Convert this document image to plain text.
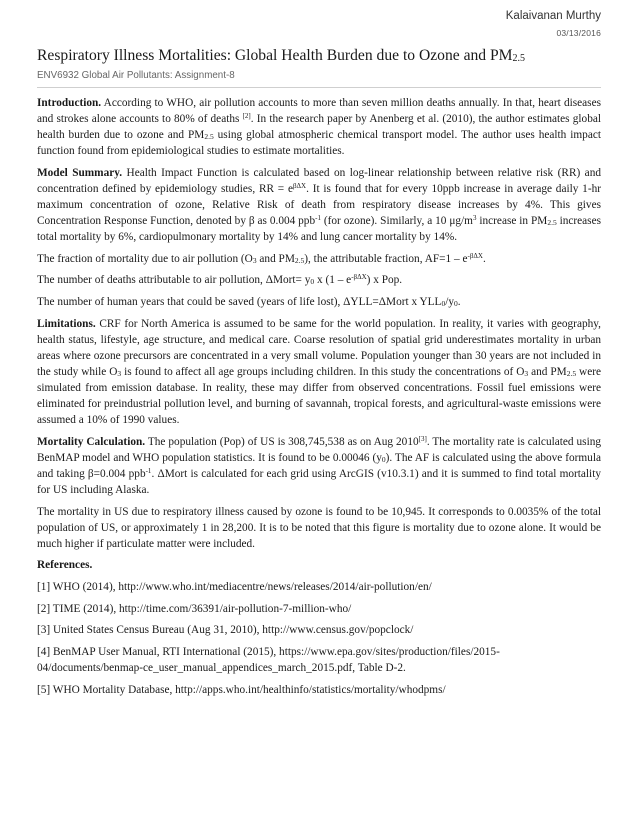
Kalaivanan Murthy
03/13/2016
Respiratory Illness Mortalities: Global Health Burden due to Ozone and $PM_{2.5}$
ENV6932 Global Air Pollutants: Assignment-8

Introduction. According to WHO, air pollution accounts to more than seven million deaths annually. In that, heart diseases and strokes alone accounts to 80% of deaths [2]. In the research paper by Anenberg et al. (2010), the author estimates global health burden due to ozone and $PM_{2.5}$ using global atmospheric chemical transport model. The author uses health impact function found from epidemiological studies to estimate mortalities.

Model Summary. Health Impact Function is calculated based on log-linear relationship between relative risk (RR) and concentration defined by epidemiology studies, RR = $e^{\beta\Delta X}$. It is found that for every 10ppb increase in average daily 1-hr maximum concentration of ozone, Relative Risk of death from respiratory disease increases by 4%. This gives Concentration Response Function, denoted by β as 0.004 ppb$^{-1}$ (for ozone). Similarly, a 10 $\mu g/m^3$ increase in $PM_{2.5}$ increases total mortality by 6%, cardiopulmonary mortality by 14% and lung cancer mortality by 14%.

The fraction of mortality due to air pollution ($O_3$ and $PM_{2.5}$), the attributable fraction, $AF=1 - e^{-\beta\Delta X}$.

The number of deaths attributable to air pollution, ΔMort= $y_0$ x $(1 - e^{-\beta\Delta X})$ x Pop.

The number of human years that could be saved (years of life lost), ΔYLL=ΔMort x $YLL_0/y_0$.

Limitations. CRF for North America is assumed to be same for the world population. In reality, it varies with geography, health status, lifestyle, age structure, and medical care. Coarse resolution of spatial grid underestimates mortality in urban areas where ozone precursors are concentrated in a very small volume. Population younger than 30 years are not included in the study while $O_3$ is found to affect all age groups including children. In this study the concentrations of $O_3$ and $PM_{2.5}$ were simulated from emission database. In reality, these may differ from observed concentrations. Fossil fuel emissions were eliminated for preindustrial pollution level, and burning of savannah, tropical forests, and agricultural-waste emissions were assumed a 10% of 1990 values.

Mortality Calculation. The population (Pop) of US is 308,745,538 as on Aug 2010[3]. The mortality rate is calculated using BenMAP model and WHO population statistics. It is found to be 0.00046 $(y_0)$. The AF is calculated using the above formula and taking β=0.004 ppb$^{-1}$. ΔMort is calculated for each grid using ArcGIS (v10.3.1) and it is summed to find total mortality for US including Alaska.

The mortality in US due to respiratory illness caused by ozone is found to be 10,945. It corresponds to 0.0035% of the total population of US, or approximately 1 in 28,200. It is to be noted that this figure is mortality due to ozone alone. It would be much higher if particulate matter were included.

References.

[1] WHO (2014), http://www.who.int/mediacentre/news/releases/2014/air-pollution/en/

[2] TIME (2014), http://time.com/36391/air-pollution-7-million-who/

[3] United States Census Bureau (Aug 31, 2010), http://www.census.gov/popclock/

[4] BenMAP User Manual, RTI International (2015), https://www.epa.gov/sites/production/files/2015-04/documents/benmap-ce_user_manual_appendices_march_2015.pdf, Table D-2.

[5] WHO Mortality Database, http://apps.who.int/healthinfo/statistics/mortality/whodpms/
